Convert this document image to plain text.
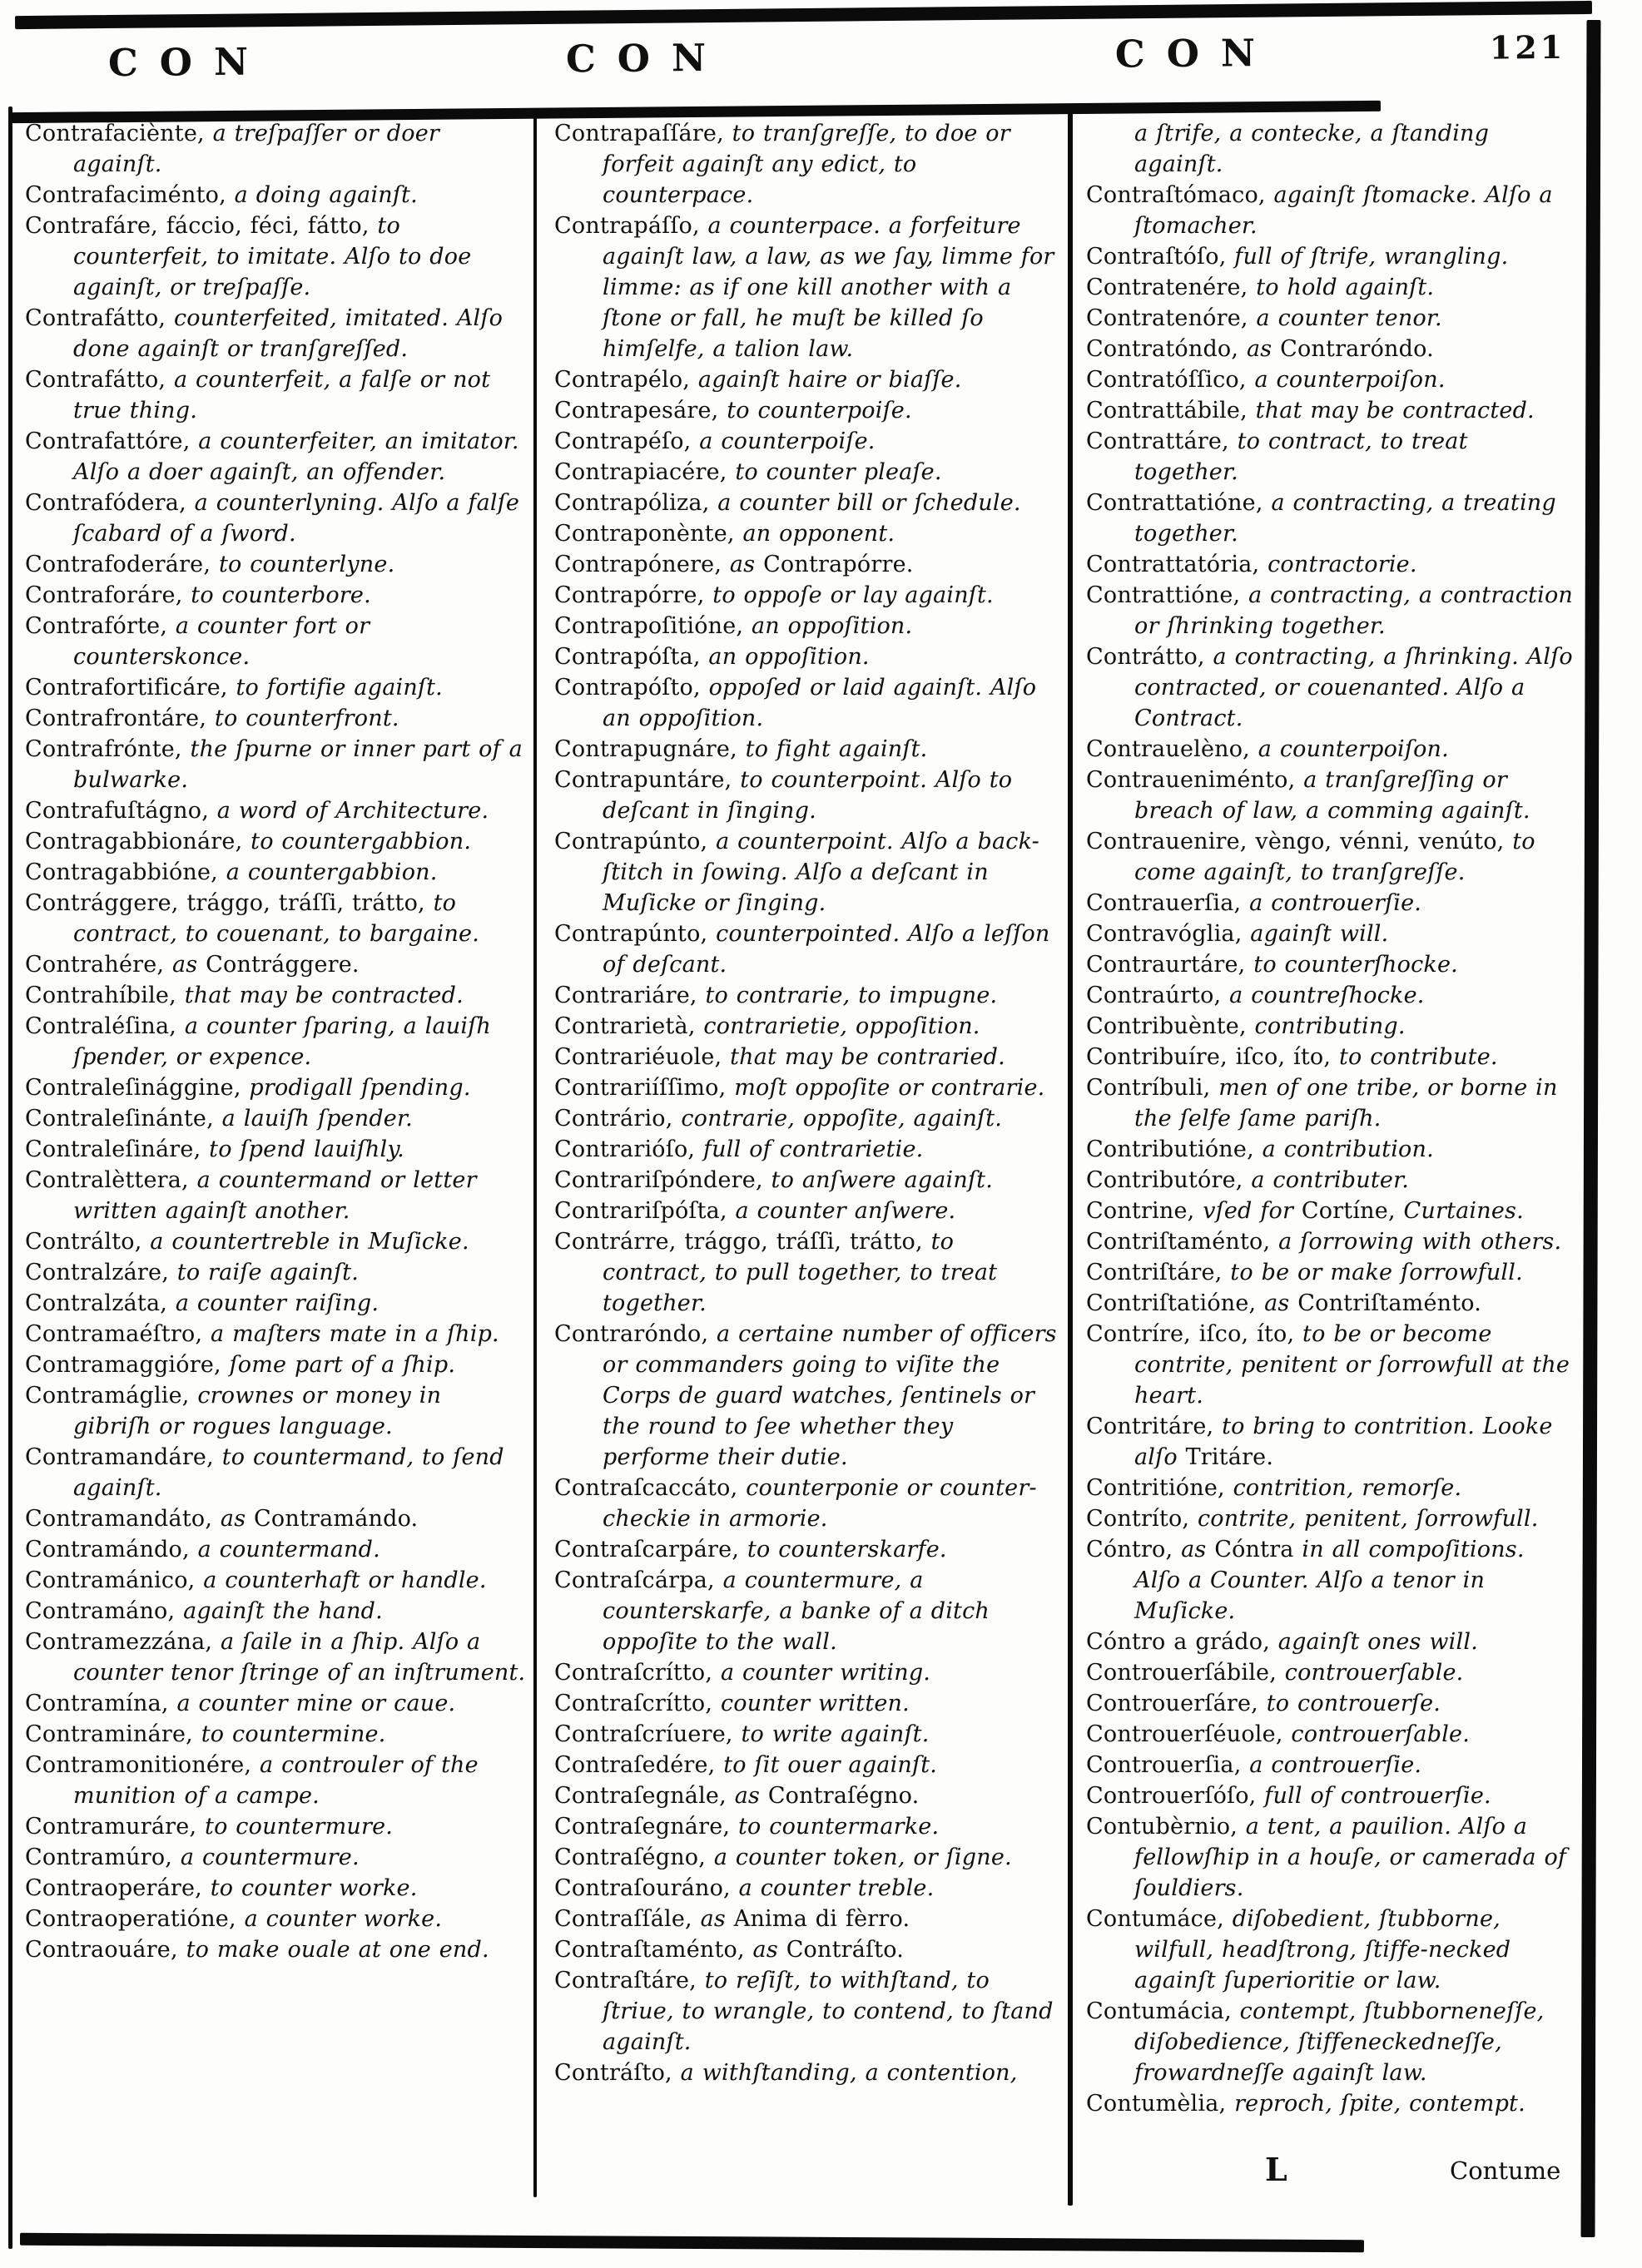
CON	CON	CON	121

Contrafaciènte, a treſpaſſer or doer againſt.

Contrafaciménto, a doing againſt.

Contrafáre, fáccio, féci, fátto, to counterfeit, to imitate. Alſo to doe againſt, or treſpaſſe.

Contrafátto, counterfeited, imitated. Alſo done againſt or tranſgreſſed.

Contrafátto, a counterfeit, a falſe or not true thing.

Contrafattóre, a counterfeiter, an imitator. Alſo a doer againſt, an offender.

Contrafódera, a counterlyning. Alſo a falſe ſcabard of a ſword.

Contrafoderáre, to counterlyne.

Contraforáre, to counterbore.

Contrafórte, a counter fort or counterskonce.

Contrafortificáre, to fortifie againſt.

Contrafrontáre, to counterfront.

Contrafrónte, the ſpurne or inner part of a bulwarke.

Contrafuſtágno, a word of Architecture.

Contragabbionáre, to countergabbion.

Contragabbióne, a countergabbion.

Contrággere, trággo, tráſſi, trátto, to contract, to couenant, to bargaine.

Contrahére, as Contrággere.

Contrahíbile, that may be contracted.

Contraléſina, a counter ſparing, a lauiſh ſpender, or expence.

Contraleſinággine, prodigall ſpending.

Contraleſinánte, a lauiſh ſpender.

Contraleſináre, to ſpend lauiſhly.

Contralèttera, a countermand or letter written againſt another.

Contrálto, a countertreble in Muſicke.

Contralzáre, to raiſe againſt.

Contralzáta, a counter raiſing.

Contramaéſtro, a maſters mate in a ſhip.

Contramaggióre, ſome part of a ſhip.

Contramáglie, crownes or money in gibriſh or rogues language.

Contramandáre, to countermand, to ſend againſt.

Contramandáto, as Contramándo.

Contramándo, a countermand.

Contramánico, a counterhaft or handle.

Contramáno, againſt the hand.

Contramezzána, a ſaile in a ſhip. Alſo a counter tenor ſtringe of an inſtrument.

Contramína, a counter mine or caue.

Contramináre, to countermine.

Contramonitionére, a controuler of the munition of a campe.

Contramuráre, to countermure.

Contramúro, a countermure.

Contraoperáre, to counter worke.

Contraoperatióne, a counter worke.

Contraouáre, to make ouale at one end.

Contrapaſſáre, to tranſgreſſe, to doe or forfeit againſt any edict, to counterpace.

Contrapáſſo, a counterpace. a forfeiture againſt law, a law, as we ſay, limme for limme: as if one kill another with a ſtone or fall, he muſt be killed ſo himſelfe, a talion law.

Contrapélo, againſt haire or biaſſe.

Contrapesáre, to counterpoiſe.

Contrapéſo, a counterpoiſe.

Contrapiacére, to counter pleaſe.

Contrapóliza, a counter bill or ſchedule.

Contraponènte, an opponent.

Contrapónere, as Contrapórre.

Contrapórre, to oppoſe or lay againſt.

Contrapoſitióne, an oppoſition.

Contrapóſta, an oppoſition.

Contrapóſto, oppoſed or laid againſt. Alſo an oppoſition.

Contrapugnáre, to fight againſt.

Contrapuntáre, to counterpoint. Alſo to deſcant in ſinging.

Contrapúnto, a counterpoint. Alſo a back-ſtitch in ſowing. Alſo a deſcant in Muſicke or ſinging.

Contrapúnto, counterpointed. Alſo a leſſon of deſcant.

Contrariáre, to contrarie, to impugne.

Contrarietà, contrarietie, oppoſition.

Contrariéuole, that may be contraried.

Contrariíſſimo, moſt oppoſite or contrarie.

Contrário, contrarie, oppoſite, againſt.

Contrarióſo, full of contrarietie.

Contrariſpóndere, to anſwere againſt.

Contrariſpóſta, a counter anſwere.

Contrárre, trággo, tráſſi, trátto, to contract, to pull together, to treat together.

Contraróndo, a certaine number of officers or commanders going to viſite the Corps de guard watches, ſentinels or the round to ſee whether they performe their dutie.

Contraſcaccáto, counterponie or counter-checkie in armorie.

Contraſcarpáre, to counterskarfe.

Contraſcárpa, a countermure, a counterskarfe, a banke of a ditch oppoſite to the wall.

Contraſcrítto, a counter writing.

Contraſcrítto, counter written.

Contraſcríuere, to write againſt.

Contraſedére, to ſit ouer againſt.

Contraſegnále, as Contraſégno.

Contraſegnáre, to countermarke.

Contraſégno, a counter token, or ſigne.

Contraſouráno, a counter treble.

Contraſſále, as Anima di fèrro.

Contraſtaménto, as Contráſto.

Contraſtáre, to reſiſt, to withſtand, to ſtriue, to wrangle, to contend, to ſtand againſt.

Contráſto, a withſtanding, a contention,

a ſtrife, a contecke, a ſtanding againſt.

Contraſtómaco, againſt ſtomacke. Alſo a ſtomacher.

Contraſtóſo, full of ſtrife, wrangling.

Contratenére, to hold againſt.

Contratenóre, a counter tenor.

Contratóndo, as Contraróndo.

Contratóſſico, a counterpoiſon.

Contrattábile, that may be contracted.

Contrattáre, to contract, to treat together.

Contrattatióne, a contracting, a treating together.

Contrattatória, contractorie.

Contrattióne, a contracting, a contraction or ſhrinking together.

Contrátto, a contracting, a ſhrinking. Alſo contracted, or couenanted. Alſo a Contract.

Contrauelèno, a counterpoiſon.

Contraueniménto, a tranſgreſſing or breach of law, a comming againſt.

Contrauenire, vèngo, vénni, venúto, to come againſt, to tranſgreſſe.

Contrauerſia, a controuerſie.

Contravóglia, againſt will.

Contraurtáre, to counterſhocke.

Contraúrto, a countreſhocke.

Contribuènte, contributing.

Contribuíre, iſco, íto, to contribute.

Contríbuli, men of one tribe, or borne in the ſelfe ſame pariſh.

Contributióne, a contribution.

Contributóre, a contributer.

Contrine, vſed for Cortíne, Curtaines.

Contriſtaménto, a ſorrowing with others.

Contriſtáre, to be or make ſorrowfull.

Contriſtatióne, as Contriſtaménto.

Contríre, iſco, íto, to be or become contrite, penitent or ſorrowfull at the heart.

Contritáre, to bring to contrition. Looke alſo Tritáre.

Contritióne, contrition, remorſe.

Contríto, contrite, penitent, ſorrowfull.

Cóntro, as Cóntra in all compoſitions. Alſo a Counter. Alſo a tenor in Muſicke.

Cóntro a grádo, againſt ones will.

Controuerſábile, controuerſable.

Controuerſáre, to controuerſe.

Controuerſéuole, controuerſable.

Controuerſia, a controuerſie.

Controuerſóſo, full of controuerſie.

Contubèrnio, a tent, a pauilion. Alſo a fellowſhip in a houſe, or camerada of ſouldiers.

Contumáce, diſobedient, ſtubborne, wilfull, headſtrong, ſtiffe-necked againſt ſuperioritie or law.

Contumácia, contempt, ſtubborneneſſe, diſobedience, ſtiffeneckedneſſe, frowardneſſe againſt law.

Contumèlia, reproch, ſpite, contempt.

L	Contume
